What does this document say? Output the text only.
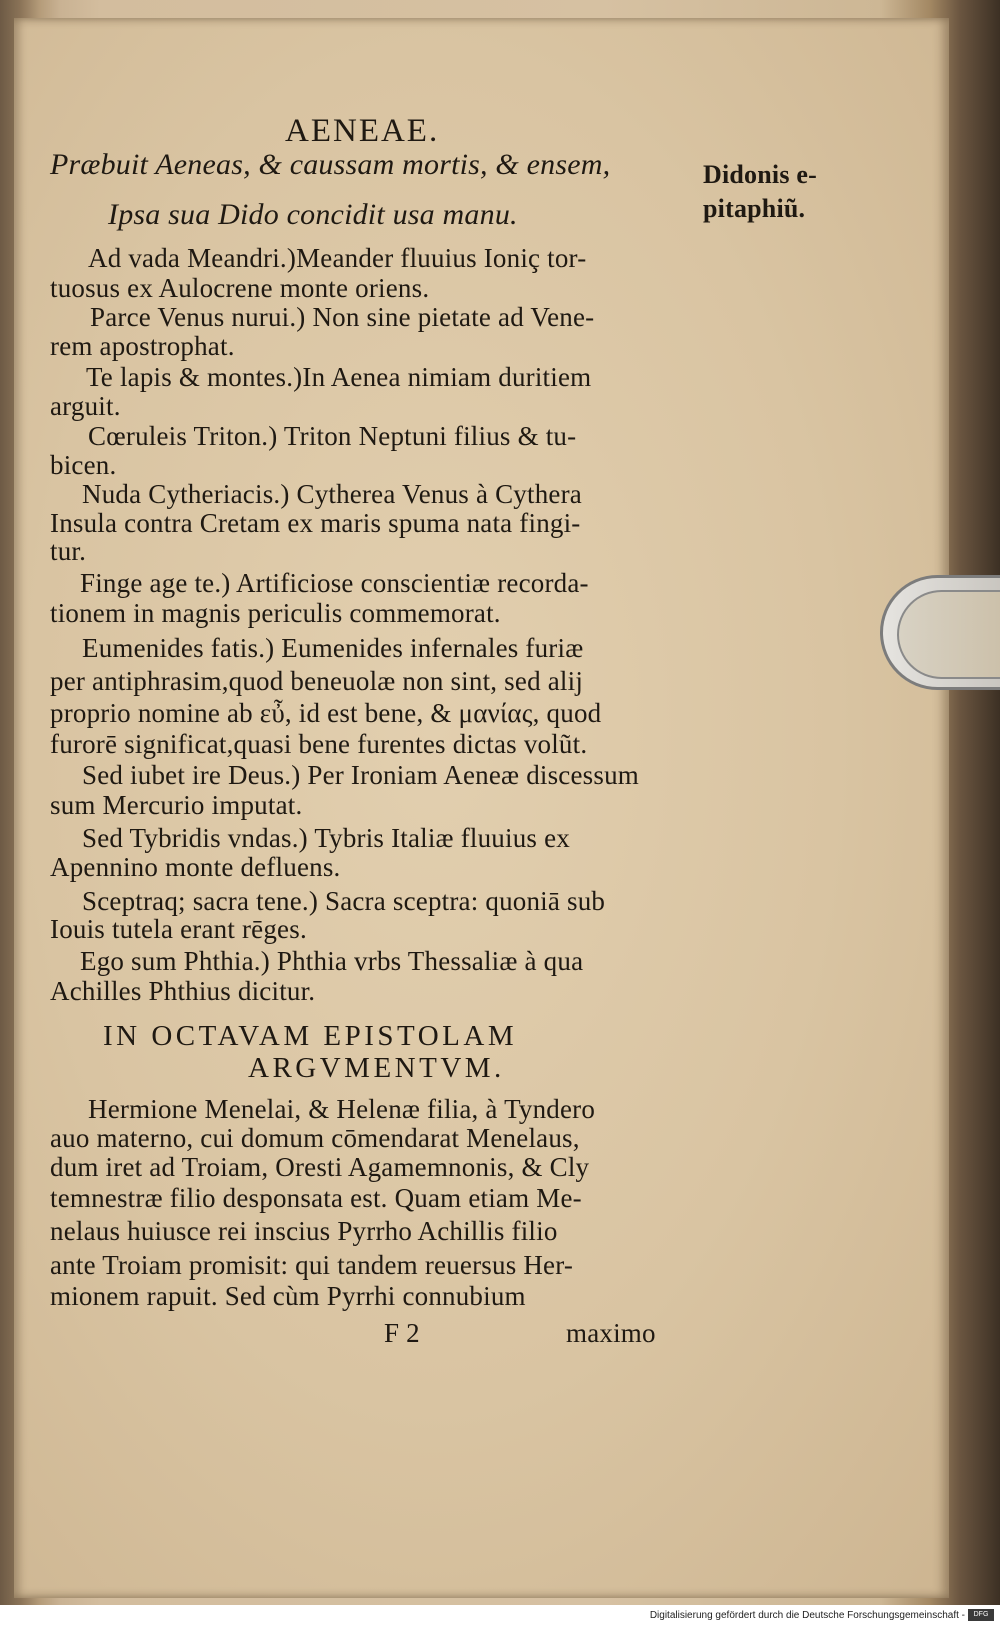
AENEAE.
Præbuit Aeneas, & caussam mortis, & ensem,
Ipsa sua Dido concidit usa manu.
Didonis e-
pitaphiũ.
Ad vada Meandri.)Meander fluuius Ioniç tor-
tuosus ex Aulocrene monte oriens.
Parce Venus nurui.) Non sine pietate ad Vene-
rem apostrophat.
Te lapis & montes.)In Aenea nimiam duritiem
arguit.
Cœruleis Triton.) Triton Neptuni filius & tu-
bicen.
Nuda Cytheriacis.) Cytherea Venus à Cythera
Insula contra Cretam ex maris spuma nata fingi-
tur.
Finge age te.) Artificiose conscientiæ recorda-
tionem in magnis periculis commemorat.
Eumenides fatis.) Eumenides infernales furiæ
per antiphrasim,quod beneuolæ non sint, sed alij
proprio nomine ab εὖ, id est bene, & μανίας, quod
furorē significat,quasi bene furentes dictas volũt.
Sed iubet ire Deus.) Per Ironiam Aeneæ discessum
sum Mercurio imputat.
Sed Tybridis vndas.) Tybris Italiæ fluuius ex
Apennino monte defluens.
Sceptraq; sacra tene.) Sacra sceptra: quoniā sub
Iouis tutela erant rēges.
Ego sum Phthia.) Phthia vrbs Thessaliæ à qua
Achilles Phthius dicitur.
IN OCTAVAM EPISTOLAM
ARGVMENTVM.
Hermione Menelai, & Helenæ filia, à Tyndero
auo materno, cui domum cōmendarat Menelaus,
dum iret ad Troiam, Oresti Agamemnonis, & Cly
temnestræ filio desponsata est. Quam etiam Me-
nelaus huiusce rei inscius Pyrrho Achillis filio
ante Troiam promisit: qui tandem reuersus Her-
mionem rapuit. Sed cùm Pyrrhi connubium
F 2	maximo
Digitalisierung gefördert durch die Deutsche Forschungsgemeinschaft -	DFG
